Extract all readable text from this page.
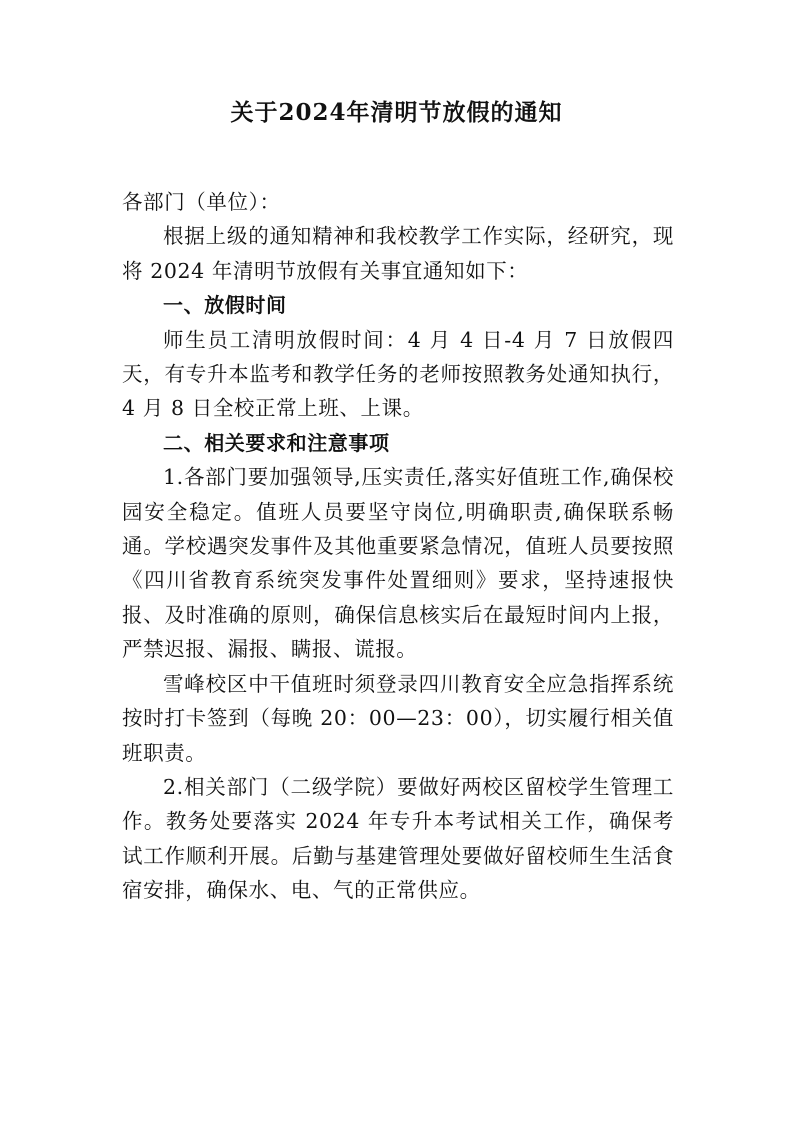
关于2024年清明节放假的通知

各部门（单位）：

根据上级的通知精神和我校教学工作实际，经研究，现将 2024 年清明节放假有关事宜通知如下：

一、放假时间

师生员工清明放假时间：4 月 4 日-4 月 7 日放假四天，有专升本监考和教学任务的老师按照教务处通知执行，4 月 8 日全校正常上班、上课。

二、相关要求和注意事项

1.各部门要加强领导,压实责任,落实好值班工作,确保校园安全稳定。值班人员要坚守岗位,明确职责,确保联系畅通。学校遇突发事件及其他重要紧急情况，值班人员要按照《四川省教育系统突发事件处置细则》要求，坚持速报快报、及时准确的原则，确保信息核实后在最短时间内上报，严禁迟报、漏报、瞒报、谎报。

雪峰校区中干值班时须登录四川教育安全应急指挥系统按时打卡签到（每晚 20：00—23：00），切实履行相关值班职责。

2.相关部门（二级学院）要做好两校区留校学生管理工作。教务处要落实 2024 年专升本考试相关工作，确保考试工作顺利开展。后勤与基建管理处要做好留校师生生活食宿安排，确保水、电、气的正常供应。
